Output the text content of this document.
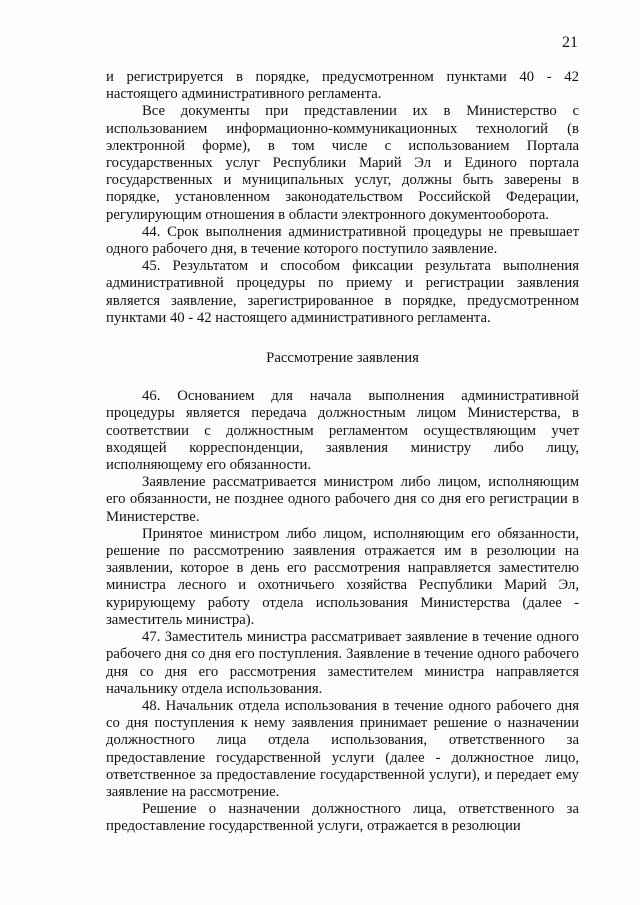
21

и регистрируется в порядке, предусмотренном пунктами 40 - 42 настоящего административного регламента.

Все документы при представлении их в Министерство с использованием информационно-коммуникационных технологий (в электронной форме), в том числе с использованием Портала государственных услуг Республики Марий Эл и Единого портала государственных и муниципальных услуг, должны быть заверены в порядке, установленном законодательством Российской Федерации, регулирующим отношения в области электронного документооборота.

44. Срок выполнения административной процедуры не превышает одного рабочего дня, в течение которого поступило заявление.

45. Результатом и способом фиксации результата выполнения административной процедуры по приему и регистрации заявления является заявление, зарегистрированное в порядке, предусмотренном пунктами 40 - 42 настоящего административного регламента.

Рассмотрение заявления

46. Основанием для начала выполнения административной процедуры является передача должностным лицом Министерства, в соответствии с должностным регламентом осуществляющим учет входящей корреспонденции, заявления министру либо лицу, исполняющему его обязанности.

Заявление рассматривается министром либо лицом, исполняющим его обязанности, не позднее одного рабочего дня со дня его регистрации в Министерстве.

Принятое министром либо лицом, исполняющим его обязанности, решение по рассмотрению заявления отражается им в резолюции на заявлении, которое в день его рассмотрения направляется заместителю министра лесного и охотничьего хозяйства Республики Марий Эл, курирующему работу отдела использования Министерства (далее - заместитель министра).

47. Заместитель министра рассматривает заявление в течение одного рабочего дня со дня его поступления. Заявление в течение одного рабочего дня со дня его рассмотрения заместителем министра направляется начальнику отдела использования.

48. Начальник отдела использования в течение одного рабочего дня со дня поступления к нему заявления принимает решение о назначении должностного лица отдела использования, ответственного за предоставление государственной услуги (далее - должностное лицо, ответственное за предоставление государственной услуги), и передает ему заявление на рассмотрение.

Решение о назначении должностного лица, ответственного за предоставление государственной услуги, отражается в резолюции
